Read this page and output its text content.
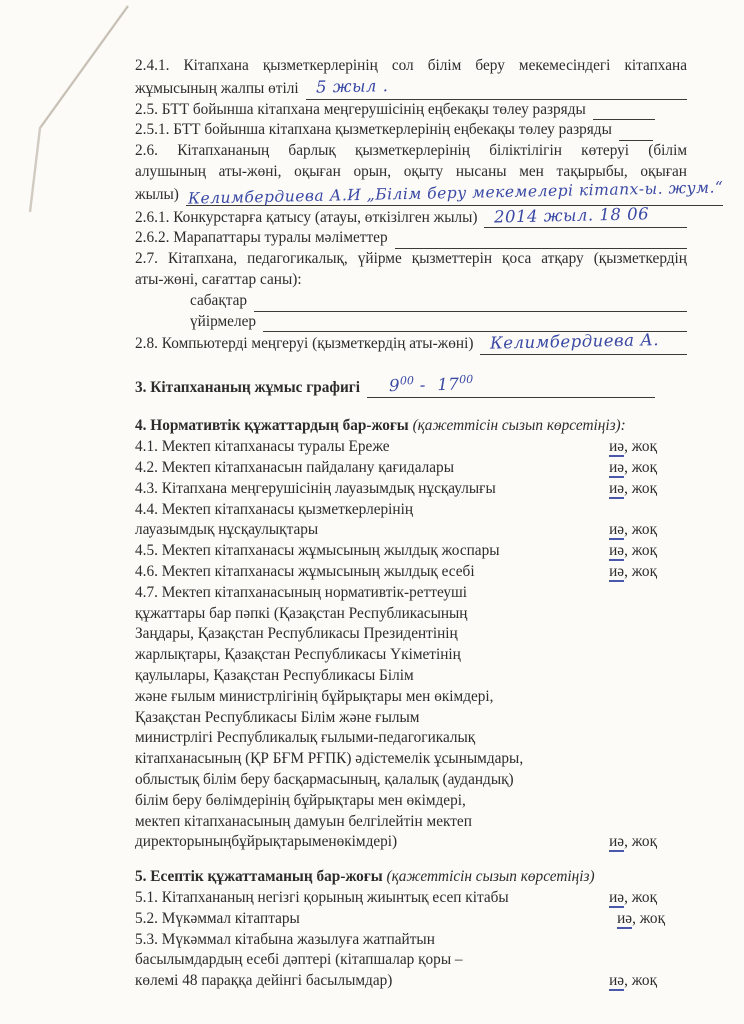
2.4.1. Кітапхана қызметкерлерінің сол білім беру мекемесіндегі кітапхана
жұмысының жалпы өтілі	5 жыл .
2.5. БТТ бойынша кітапхана меңгерушісінің еңбекақы төлеу разряды
2.5.1. БТТ бойынша кітапхана қызметкерлерінің еңбекақы төлеу разряды
2.6. Кітапхананың барлық қызметкерлерінің біліктілігін көтеруі (білім
алушының аты-жөні, оқыған орын, оқыту нысаны мен тақырыбы, оқыған
жылы) Келимбердиева А.И „Білім беру мекемелері кітапх-ы. жум.“
2.6.1. Конкурстарға қатысу (атауы, өткізілген жылы)	2014 жыл. 18 06
2.6.2. Марапаттары туралы мәліметтер
2.7. Кітапхана, педагогикалық, үйірме қызметтерін қоса атқару (қызметкердің
аты-жөні, сағаттар саны):
сабақтар
үйірмелер
2.8. Компьютерді меңгеруі (қызметкердің аты-жөні)	Келимбердиева А.
3. Кітапхананың жұмыс графигі	$9^{00} - 17^{00}$
4. Нормативтік құжаттардың бар-жоғы (қажеттісін сызып көрсетіңіз):
4.1. Мектеп кітапханасы туралы Ереже	иә, жоқ
4.2. Мектеп кітапханасын пайдалану қағидалары	иә, жоқ
4.3. Кітапхана меңгерушісінің лауазымдық нұсқаулығы	иә, жоқ
4.4. Мектеп кітапханасы қызметкерлерінің
лауазымдық нұсқаулықтары	иә, жоқ
4.5. Мектеп кітапханасы жұмысының жылдық жоспары	иә, жоқ
4.6. Мектеп кітапханасы жұмысының жылдық есебі	иә, жоқ
4.7. Мектеп кітапханасының нормативтік-реттеуші
құжаттары бар пәпкі (Қазақстан Республикасының
Заңдары, Қазақстан Республикасы Президентінің
жарлықтары, Қазақстан Республикасы Үкіметінің
қаулылары, Қазақстан Республикасы Білім
және ғылым министрлігінің бұйрықтары мен өкімдері,
Қазақстан Республикасы Білім және ғылым
министрлігі Республикалық ғылыми-педагогикалық
кітапханасының (ҚР БҒМ РҒПК) әдістемелік ұсынымдары,
облыстық білім беру басқармасының, қалалық (аудандық)
білім беру бөлімдерінің бұйрықтары мен өкімдері,
мектеп кітапханасының дамуын белгілейтін мектеп
директорыныңбұйрықтарыменөкімдері)	иә, жоқ
5. Есептік құжаттаманың бар-жоғы (қажеттісін сызып көрсетіңіз)
5.1. Кітапхананың негізгі қорының жиынтық есеп кітабы	иә, жоқ
5.2. Мүкәммал кітаптары	иә, жоқ
5.3. Мүкәммал кітабына жазылуға жатпайтын
басылымдардың есебі дәптері (кітапшалар қоры –
көлемі 48 параққа дейінгі басылымдар)	иә, жоқ
